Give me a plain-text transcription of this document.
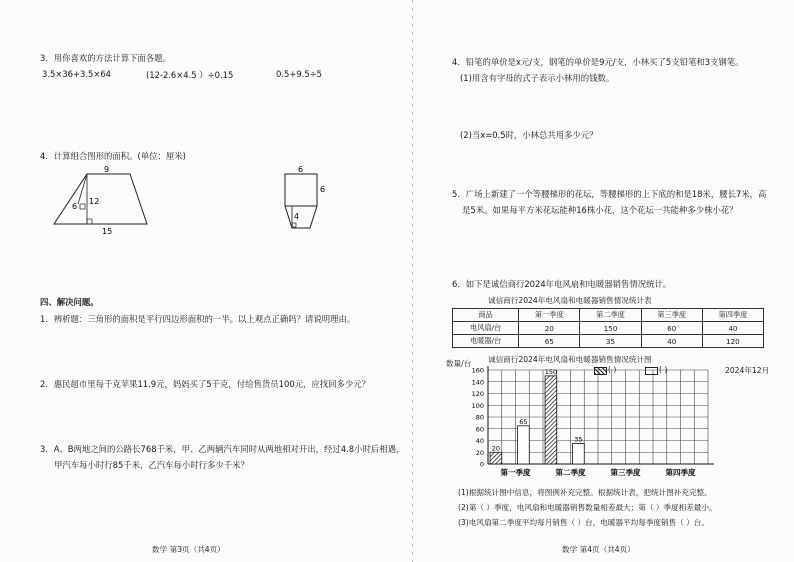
3．用你喜欢的方法计算下面各题。
3.5×36+3.5×64	(12-2.6×4.5 ）÷0.15	0.5+9.5÷5
4．计算组合图形的面积。(单位：厘米)
9
12
6
15
6
6
4
四、解决问题。
1．辨析题：三角形的面积是平行四边形面积的一半。以上观点正确吗？请说明理由。
2．惠民超市里每千克苹果11.9元，妈妈买了5千克，付给售货员100元，应找回多少元？
3．A、B两地之间的公路长768千米，甲、乙两辆汽车同时从两地相对开出，经过4.8小时后相遇，
甲汽车每小时行85千米，乙汽车每小时行多少千米？
数学 第3页（共4页）
4．铅笔的单价是x元/支，钢笔的单价是9元/支，小林买了5支铅笔和3支钢笔。
(1)用含有字母的式子表示小林用的钱数。
(2)当x=0.5时，小林总共用多少元？
5．广场上新建了一个等腰梯形的花坛，等腰梯形的上下底的和是18米，腰长7米，高
是5米。如果每平方米花坛能种16株小花，这个花坛一共能种多少株小花？
6．如下是诚信商行2024年电风扇和电暖器销售情况统计。
诚信商行2024年电风扇和电暖器销售情况统计表
商品	第一季度	第二季度	第三季度	第四季度
电风扇/台	20	150	60	40
电暖器/台	65	35	40	120
诚信商行2024年电风扇和电暖器销售情况统计图
数量/台
( )	( )	2024年12月
0
20
40
60
80
100
120
140
160
20
65
第一季度
150
35
第二季度	第三季度	第四季度
(1)根据统计图中信息，将图例补充完整。根据统计表，把统计图补充完整。
(2)第（ ）季度，电风扇和电暖器销售数量相差最大；第（ ）季度相差最小。
(3)电风扇第二季度平均每月销售（ ）台，电暖器平均每季度销售（ ）台。
数学 第4页（共4页）
